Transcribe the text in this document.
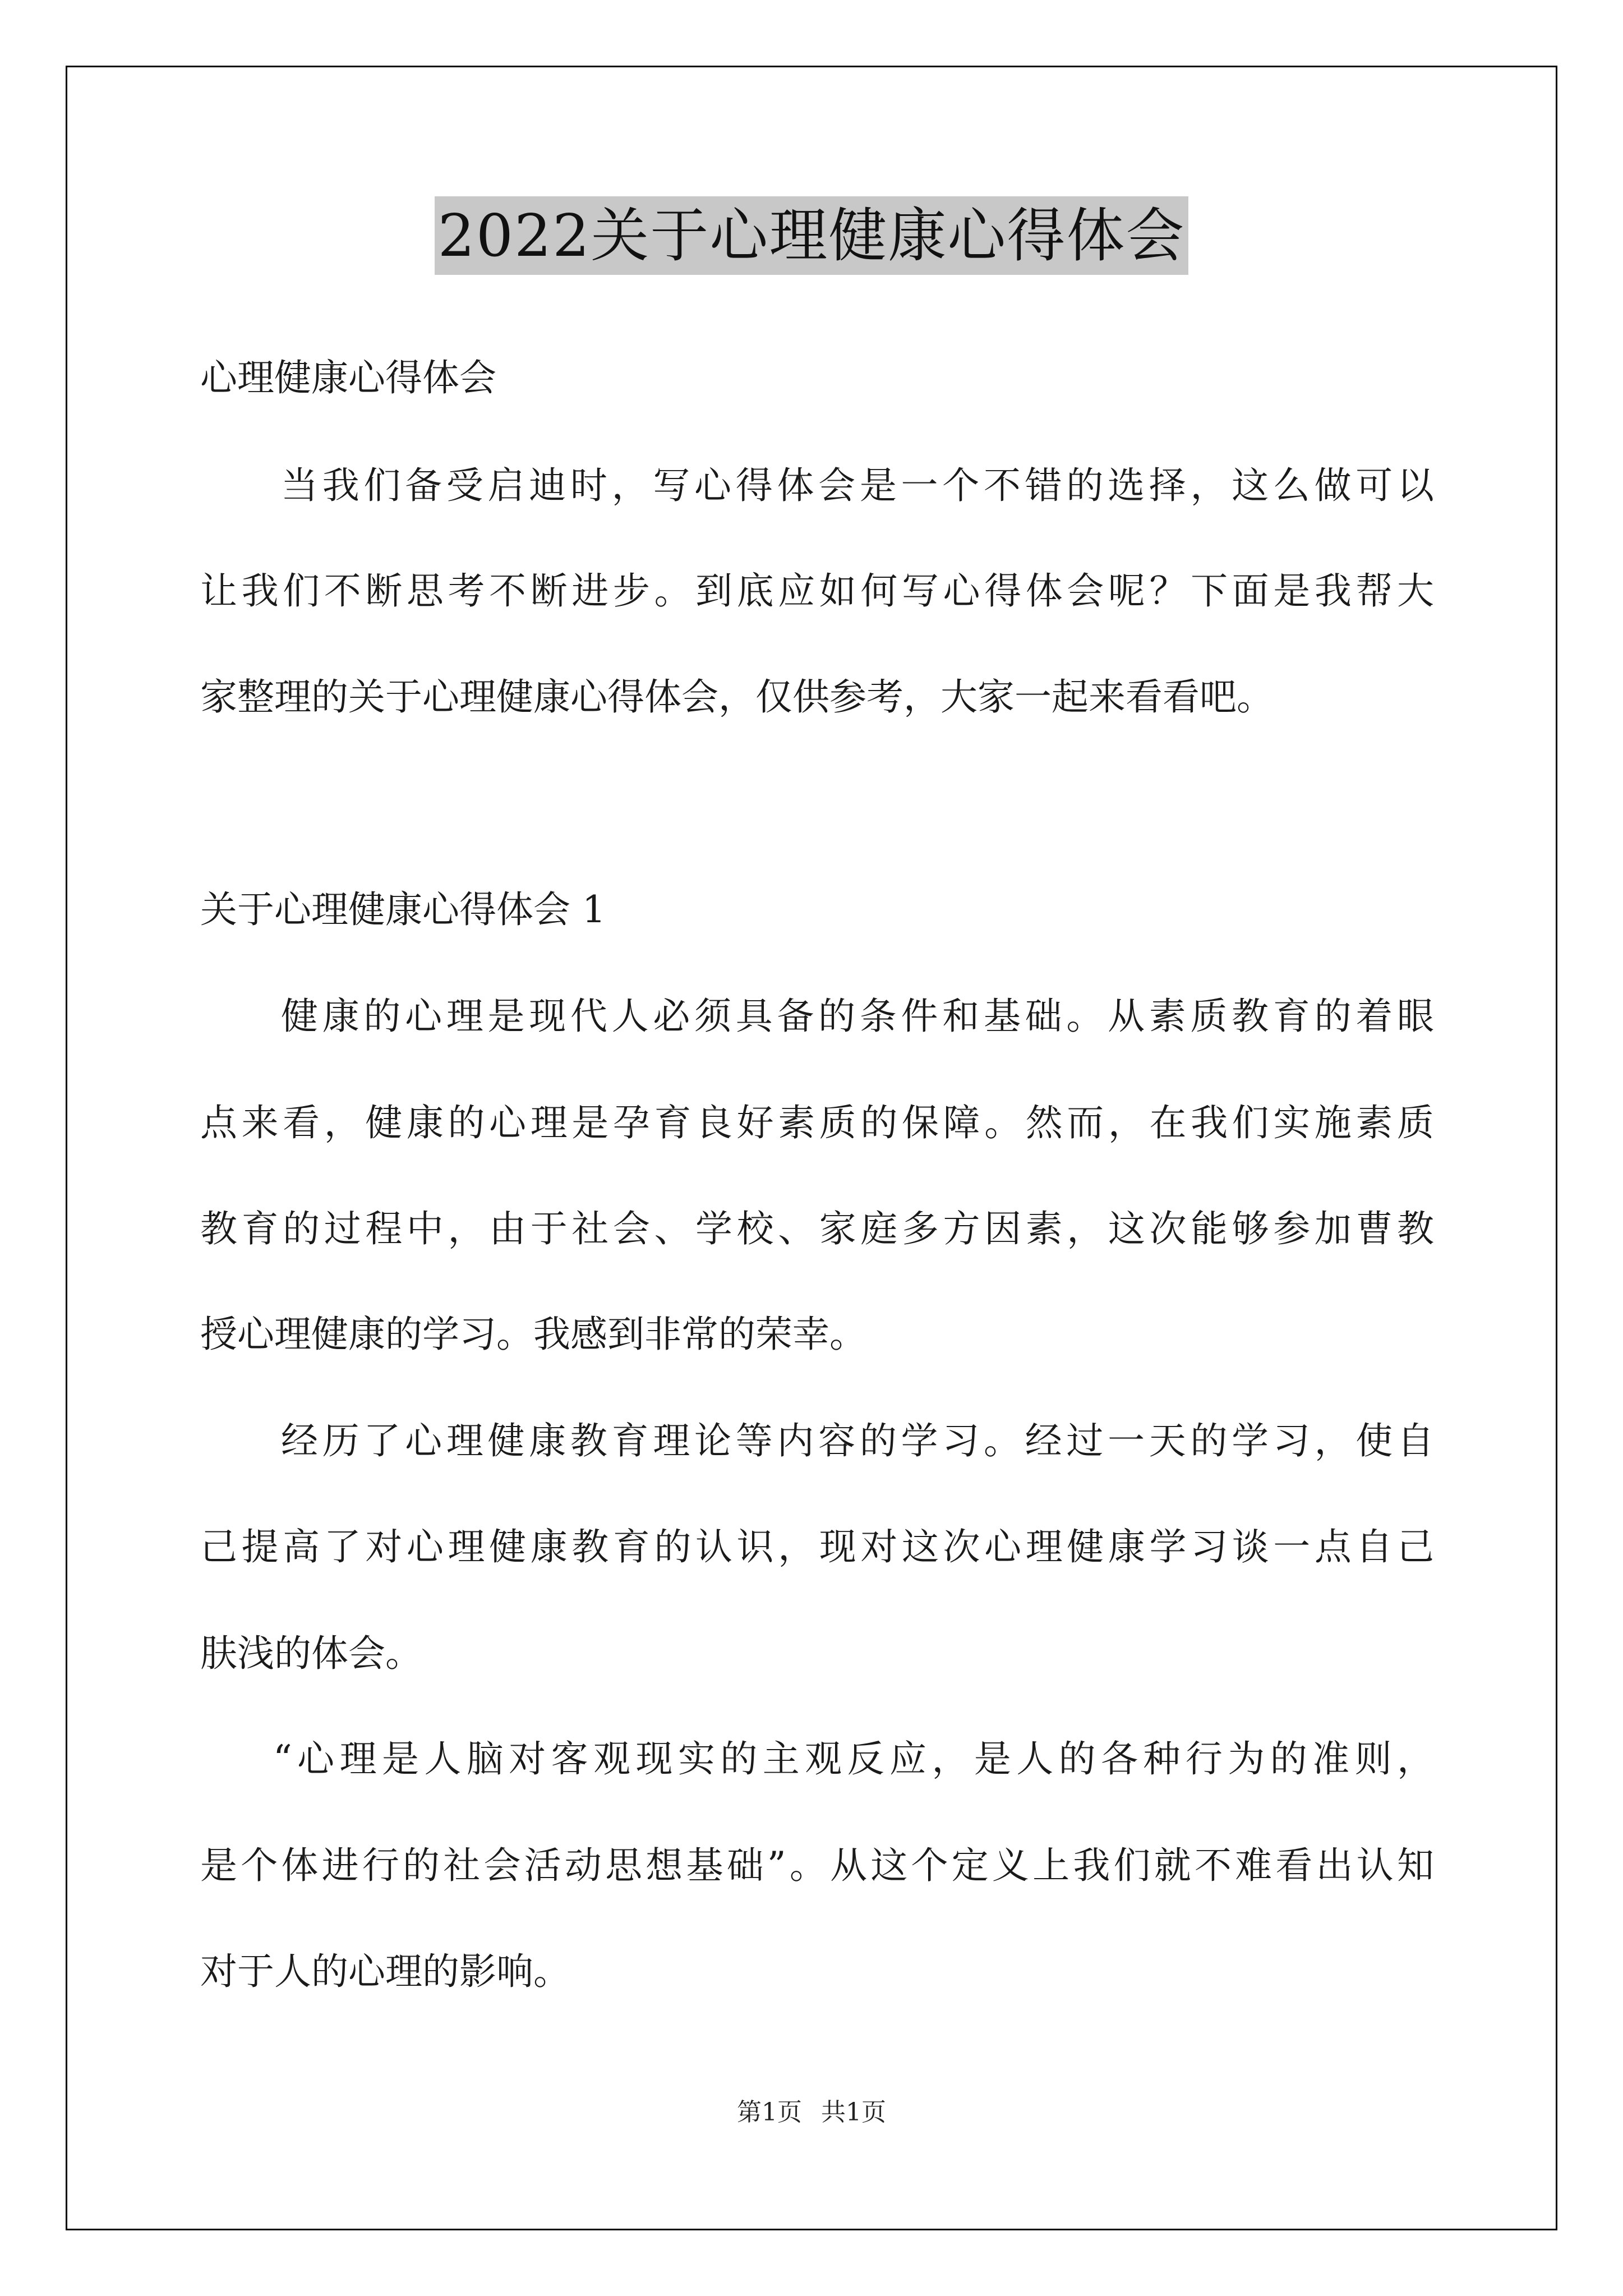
2022关于心理健康心得体会
心理健康心得体会
当我们备受启迪时，写心得体会是一个不错的选择，这么做可以
让我们不断思考不断进步。到底应如何写心得体会呢？下面是我帮大
家整理的关于心理健康心得体会，仅供参考，大家一起来看看吧。
关于心理健康心得体会 1
健康的心理是现代人必须具备的条件和基础。从素质教育的着眼
点来看，健康的心理是孕育良好素质的保障。然而，在我们实施素质
教育的过程中，由于社会、学校、家庭多方因素，这次能够参加曹教
授心理健康的学习。我感到非常的荣幸。
经历了心理健康教育理论等内容的学习。经过一天的学习，使自
己提高了对心理健康教育的认识，现对这次心理健康学习谈一点自己
肤浅的体会。
“心理是人脑对客观现实的主观反应，是人的各种行为的准则，
是个体进行的社会活动思想基础”。从这个定义上我们就不难看出认知
对于人的心理的影响。
第1页 共1页
